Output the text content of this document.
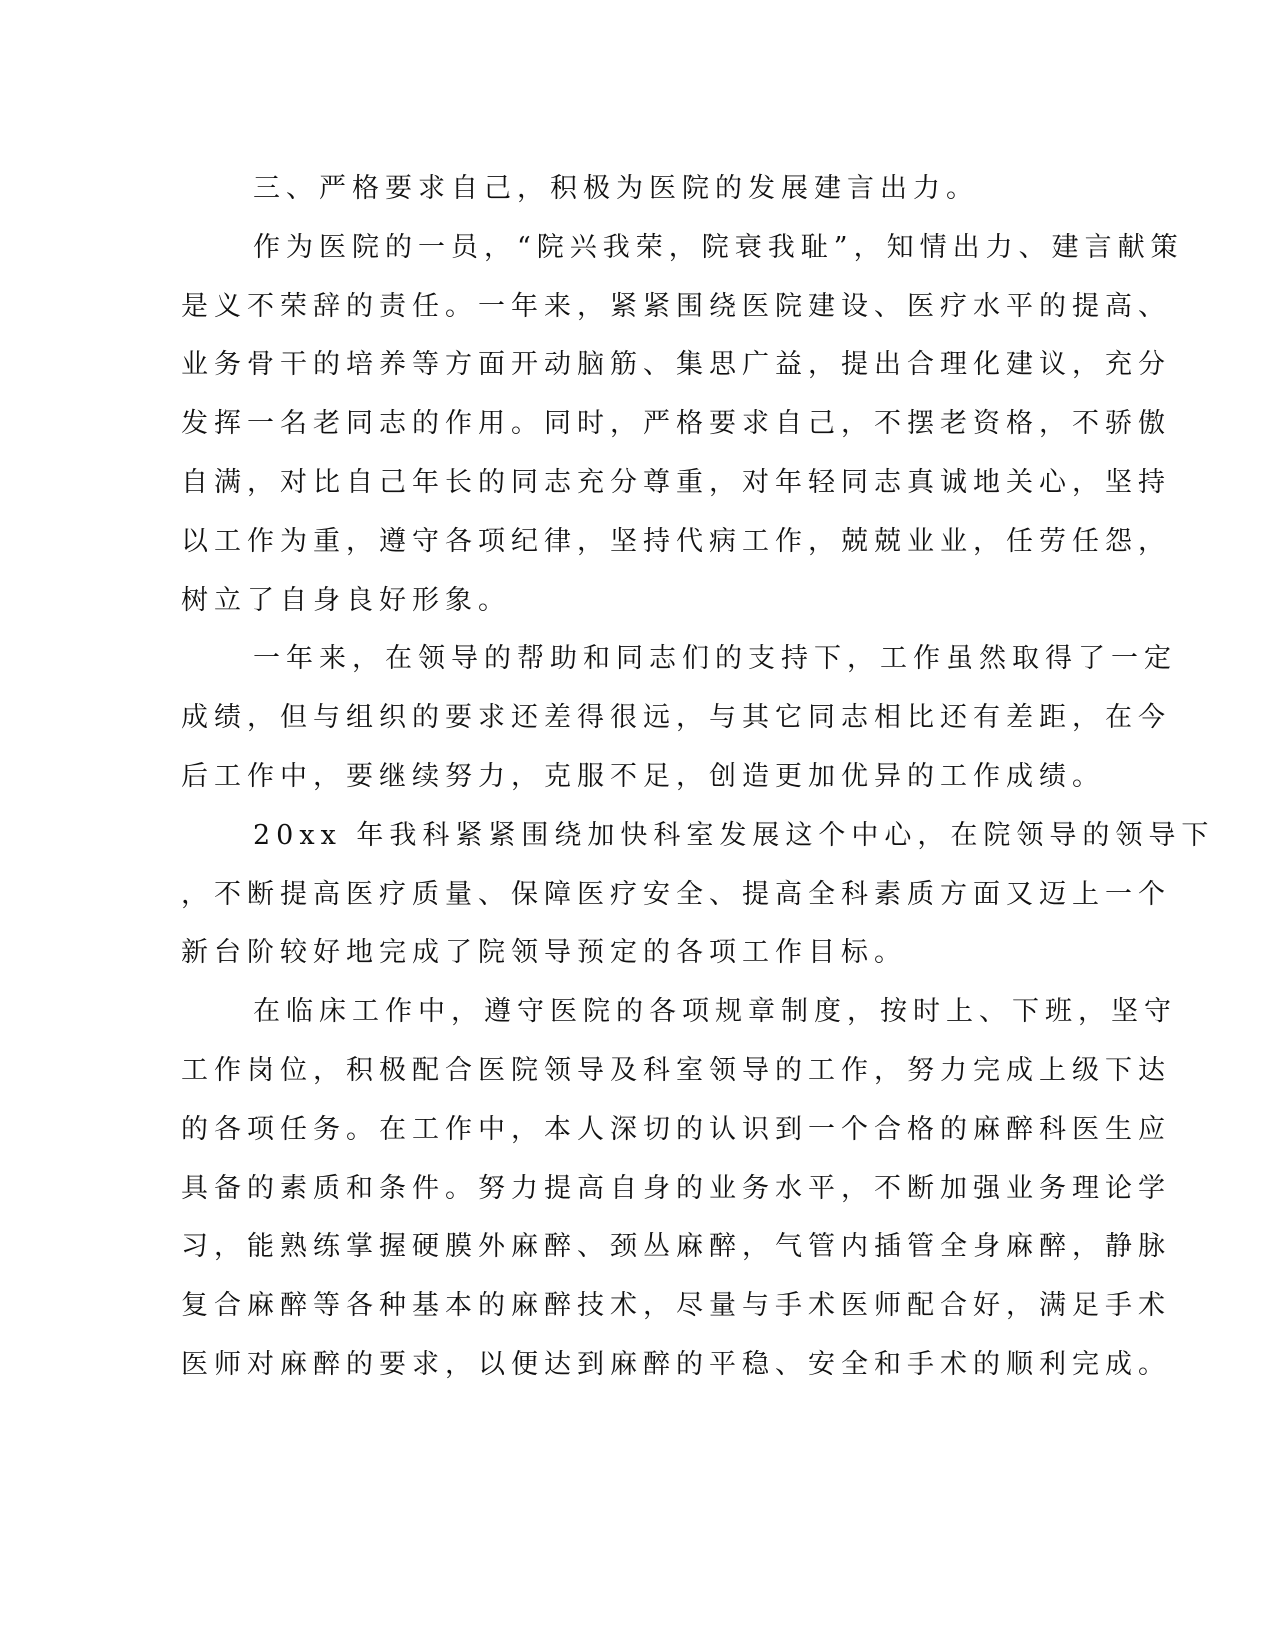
三、严格要求自己，积极为医院的发展建言出力。
作为医院的一员，“院兴我荣，院衰我耻”，知情出力、建言献策
是义不荣辞的责任。一年来，紧紧围绕医院建设、医疗水平的提高、
业务骨干的培养等方面开动脑筋、集思广益，提出合理化建议，充分
发挥一名老同志的作用。同时，严格要求自己，不摆老资格，不骄傲
自满，对比自己年长的同志充分尊重，对年轻同志真诚地关心，坚持
以工作为重，遵守各项纪律，坚持代病工作，兢兢业业，任劳任怨，
树立了自身良好形象。
一年来，在领导的帮助和同志们的支持下，工作虽然取得了一定
成绩，但与组织的要求还差得很远，与其它同志相比还有差距，在今
后工作中，要继续努力，克服不足，创造更加优异的工作成绩。
20xx 年我科紧紧围绕加快科室发展这个中心，在院领导的领导下
，不断提高医疗质量、保障医疗安全、提高全科素质方面又迈上一个
新台阶较好地完成了院领导预定的各项工作目标。
在临床工作中，遵守医院的各项规章制度，按时上、下班，坚守
工作岗位，积极配合医院领导及科室领导的工作，努力完成上级下达
的各项任务。在工作中，本人深切的认识到一个合格的麻醉科医生应
具备的素质和条件。努力提高自身的业务水平，不断加强业务理论学
习，能熟练掌握硬膜外麻醉、颈丛麻醉，气管内插管全身麻醉，静脉
复合麻醉等各种基本的麻醉技术，尽量与手术医师配合好，满足手术
医师对麻醉的要求，以便达到麻醉的平稳、安全和手术的顺利完成。
